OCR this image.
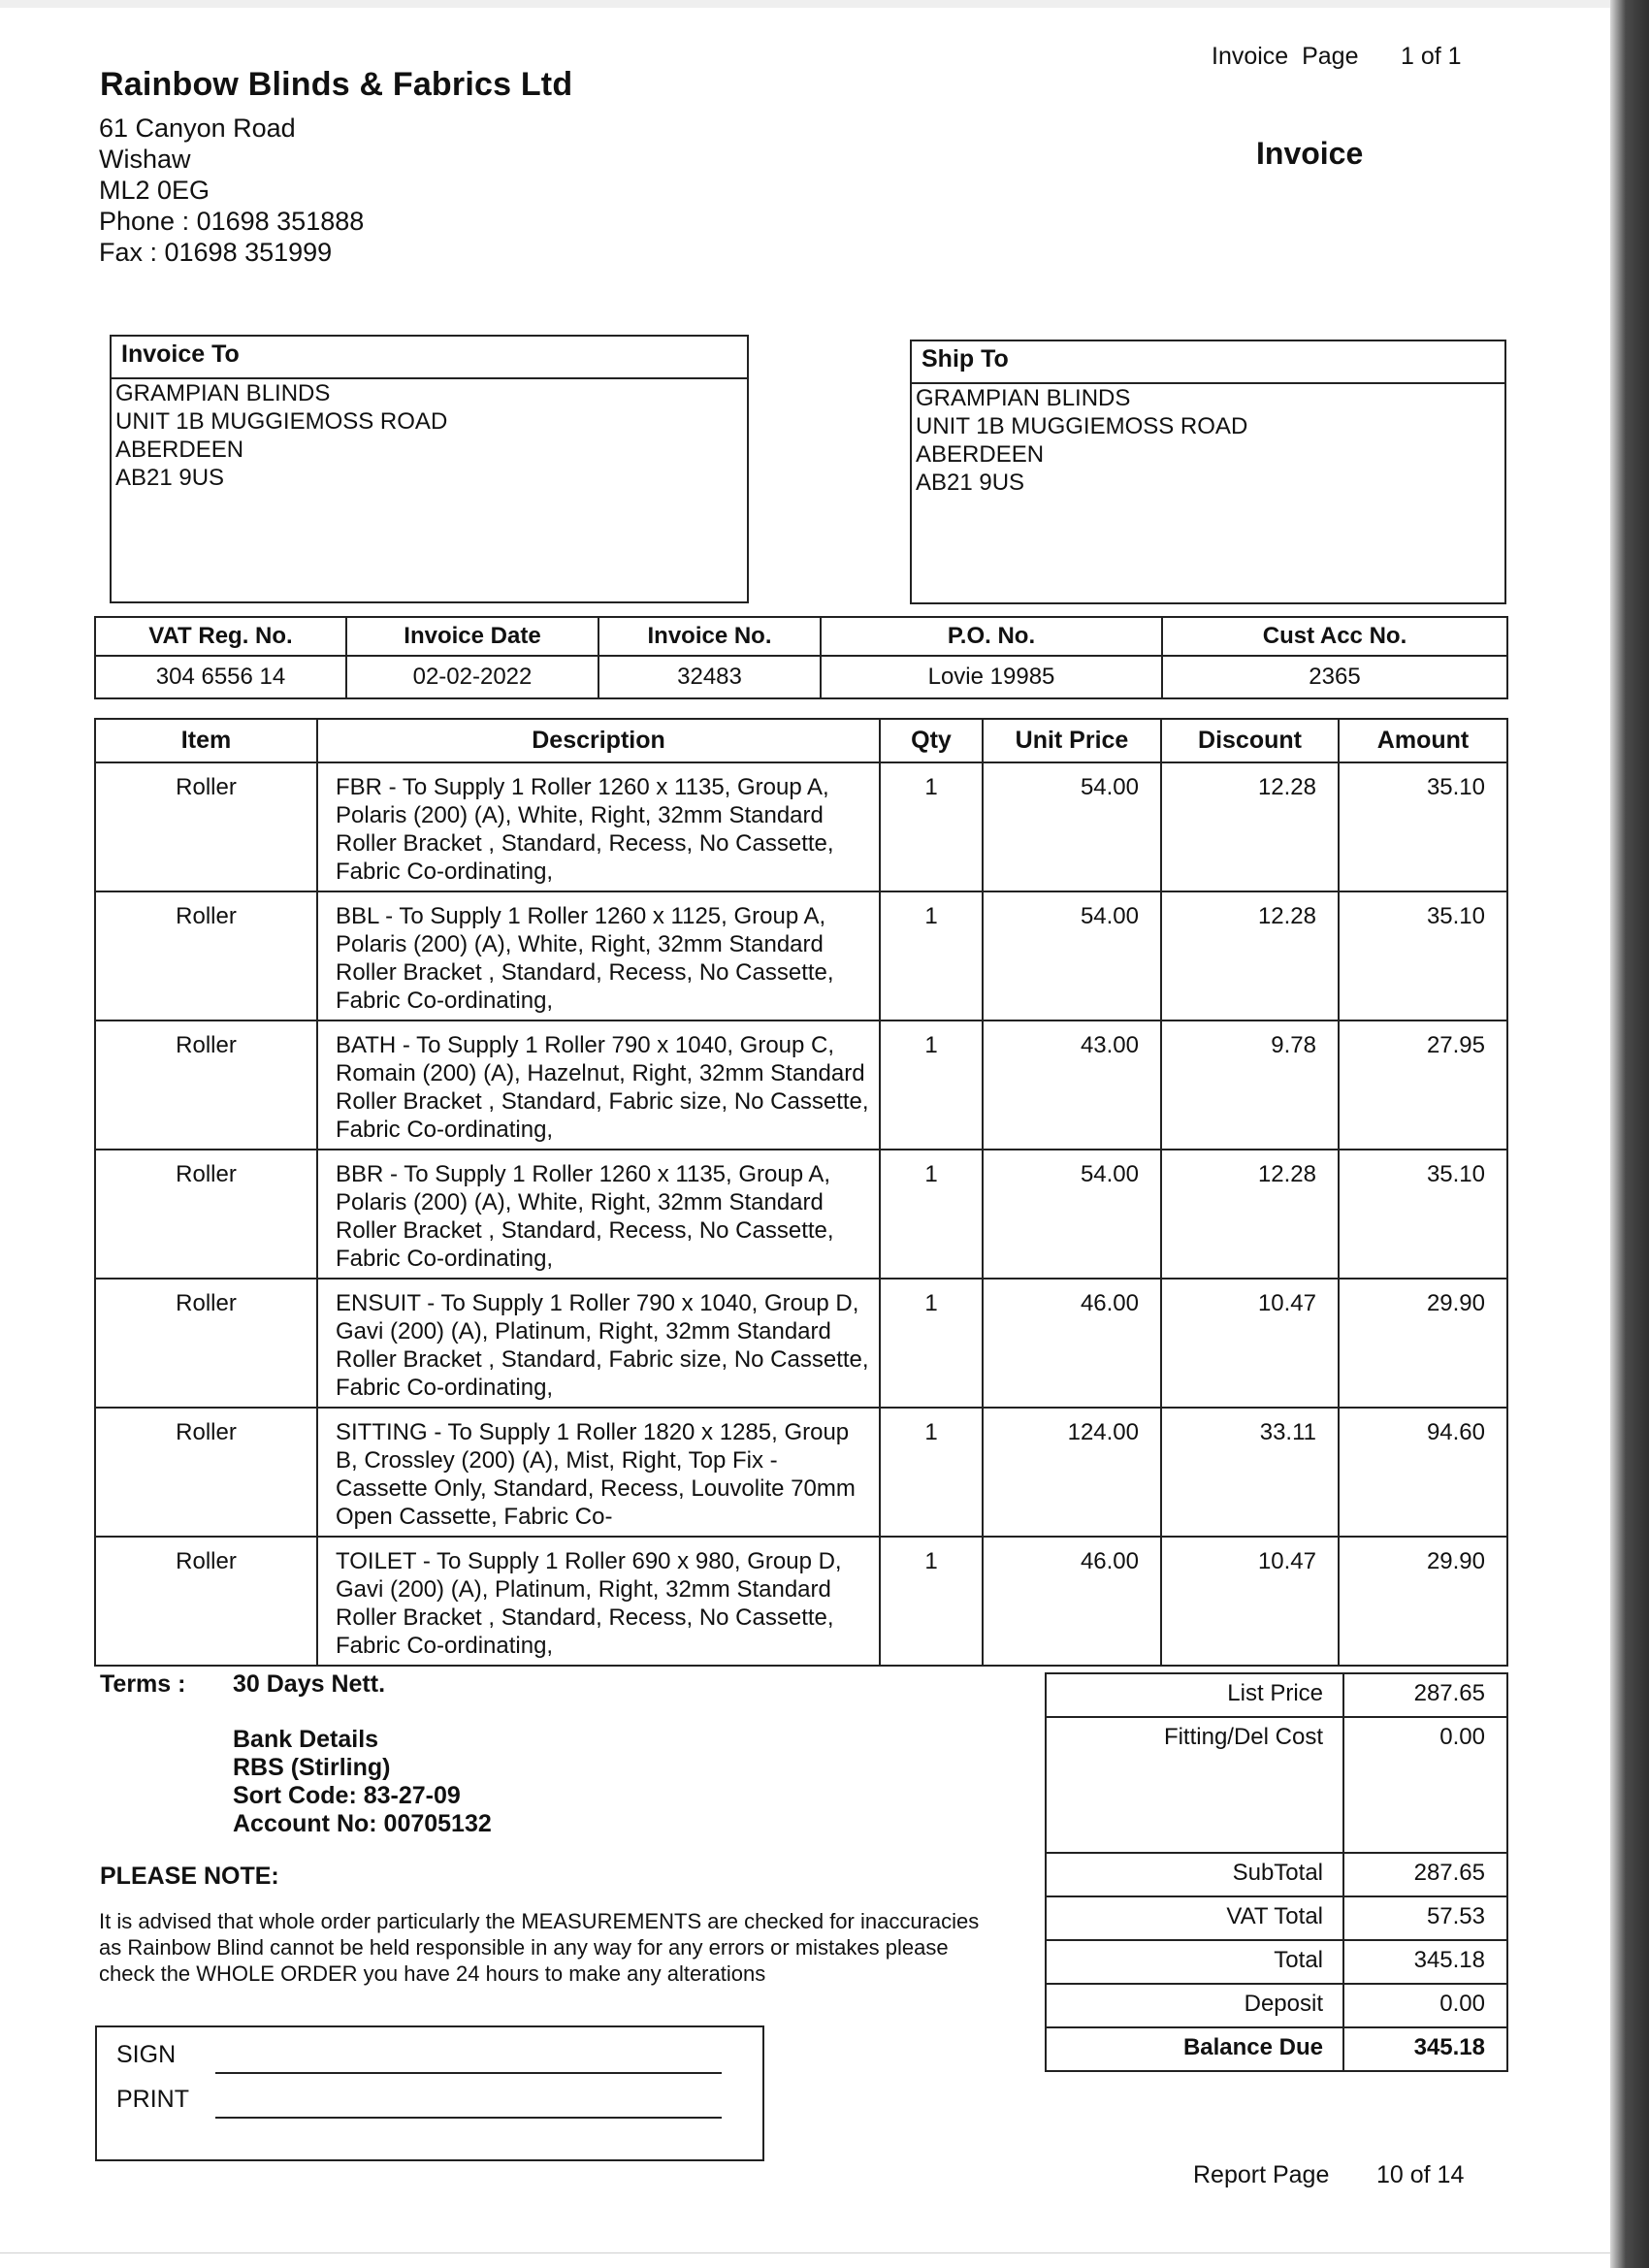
Rainbow Blinds & Fabrics Ltd
61 Canyon Road
Wishaw
ML2 0EG
Phone : 01698 351888
Fax : 01698 351999
Invoice  Page 1 of 1
Invoice
Invoice To
GRAMPIAN BLINDS
UNIT 1B MUGGIEMOSS ROAD
ABERDEEN
AB21 9US
Ship To
GRAMPIAN BLINDS
UNIT 1B MUGGIEMOSS ROAD
ABERDEEN
AB21 9US
VAT Reg. No.	Invoice Date	Invoice No.	P.O. No.	Cust Acc No.
304 6556 14	02-02-2022	32483	Lovie 19985	2365
Item	Description	Qty	Unit Price	Discount	Amount
Roller	FBR - To Supply 1 Roller 1260 x 1135, Group A, Polaris (200) (A), White, Right, 32mm Standard Roller Bracket , Standard, Recess, No Cassette, Fabric Co-ordinating,	1	54.00	12.28	35.10
Roller	BBL - To Supply 1 Roller 1260 x 1125, Group A, Polaris (200) (A), White, Right, 32mm Standard Roller Bracket , Standard, Recess, No Cassette, Fabric Co-ordinating,	1	54.00	12.28	35.10
Roller	BATH - To Supply 1 Roller 790 x 1040, Group C, Romain (200) (A), Hazelnut, Right, 32mm Standard Roller Bracket , Standard, Fabric size, No Cassette, Fabric Co-ordinating,	1	43.00	9.78	27.95
Roller	BBR - To Supply 1 Roller 1260 x 1135, Group A, Polaris (200) (A), White, Right, 32mm Standard Roller Bracket , Standard, Recess, No Cassette, Fabric Co-ordinating,	1	54.00	12.28	35.10
Roller	ENSUIT - To Supply 1 Roller 790 x 1040, Group D, Gavi (200) (A), Platinum, Right, 32mm Standard Roller Bracket , Standard, Fabric size, No Cassette, Fabric Co-ordinating,	1	46.00	10.47	29.90
Roller	SITTING - To Supply 1 Roller 1820 x 1285, Group B, Crossley (200) (A), Mist, Right, Top Fix - Cassette Only, Standard, Recess, Louvolite 70mm Open Cassette, Fabric Co-	1	124.00	33.11	94.60
Roller	TOILET - To Supply 1 Roller 690 x 980, Group D, Gavi (200) (A), Platinum, Right, 32mm Standard Roller Bracket , Standard, Recess, No Cassette, Fabric Co-ordinating,	1	46.00	10.47	29.90
Terms : 30 Days Nett.
Bank Details
RBS (Stirling)
Sort Code: 83-27-09
Account No: 00705132
PLEASE NOTE:
It is advised that whole order particularly the MEASUREMENTS are checked for inaccuracies as Rainbow Blind cannot be held responsible in any way for any errors or mistakes please check the WHOLE ORDER you have 24 hours to make any alterations
SIGN
PRINT
List Price	287.65
Fitting/Del Cost	0.00
SubTotal	287.65
VAT Total	57.53
Total	345.18
Deposit	0.00
Balance Due	345.18
Report Page 10 of 14
